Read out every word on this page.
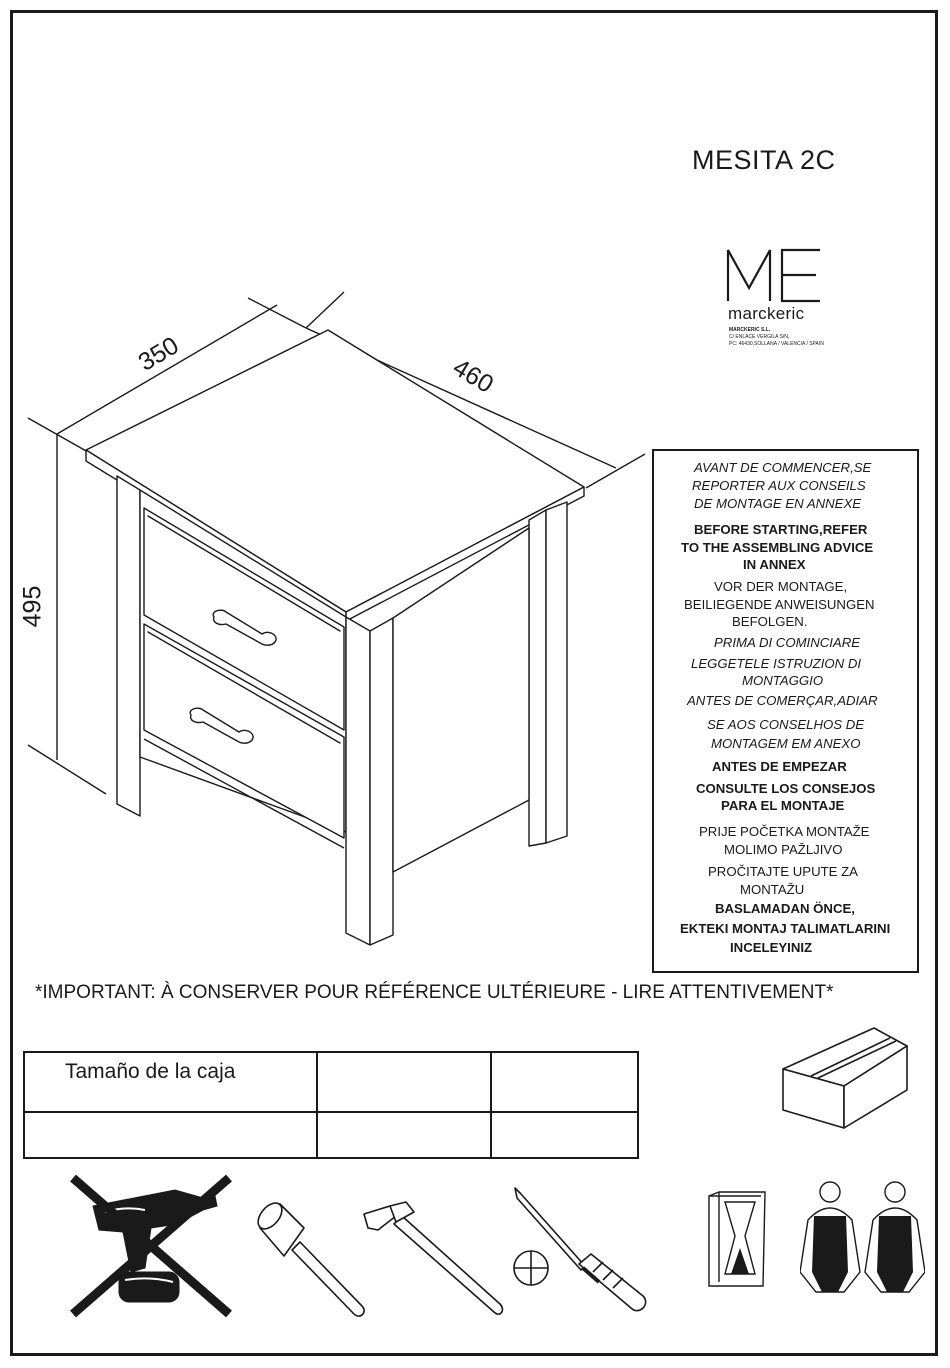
MESITA 2C
marckeric
MARCKERIC S.L.
C/ ENLACE VERGILA S/N,
PC: 46430,SOLLANA / VALENCIA / SPAIN
350	460
495
AVANT DE COMMENCER,SE
REPORTER AUX CONSEILS
DE MONTAGE EN ANNEXE
BEFORE STARTING,REFER
TO THE ASSEMBLING ADVICE
IN ANNEX
VOR DER MONTAGE,
BEILIEGENDE ANWEISUNGEN
BEFOLGEN.
PRIMA DI COMINCIARE
LEGGETELE ISTRUZION DI
MONTAGGIO
ANTES DE COMERÇAR,ADIAR
SE AOS CONSELHOS DE
MONTAGEM EM ANEXO
ANTES DE EMPEZAR
CONSULTE LOS CONSEJOS
PARA EL MONTAJE
PRIJE POČETKA MONTAŽE
MOLIMO PAŽLJIVO
PROČITAJTE UPUTE ZA
MONTAŽU
BASLAMADAN ÖNCE,
EKTEKI MONTAJ TALIMATLARINI
INCELEYINIZ
*IMPORTANT: À CONSERVER POUR RÉFÉRENCE ULTÉRIEURE - LIRE ATTENTIVEMENT*
Tamaño de la caja		
